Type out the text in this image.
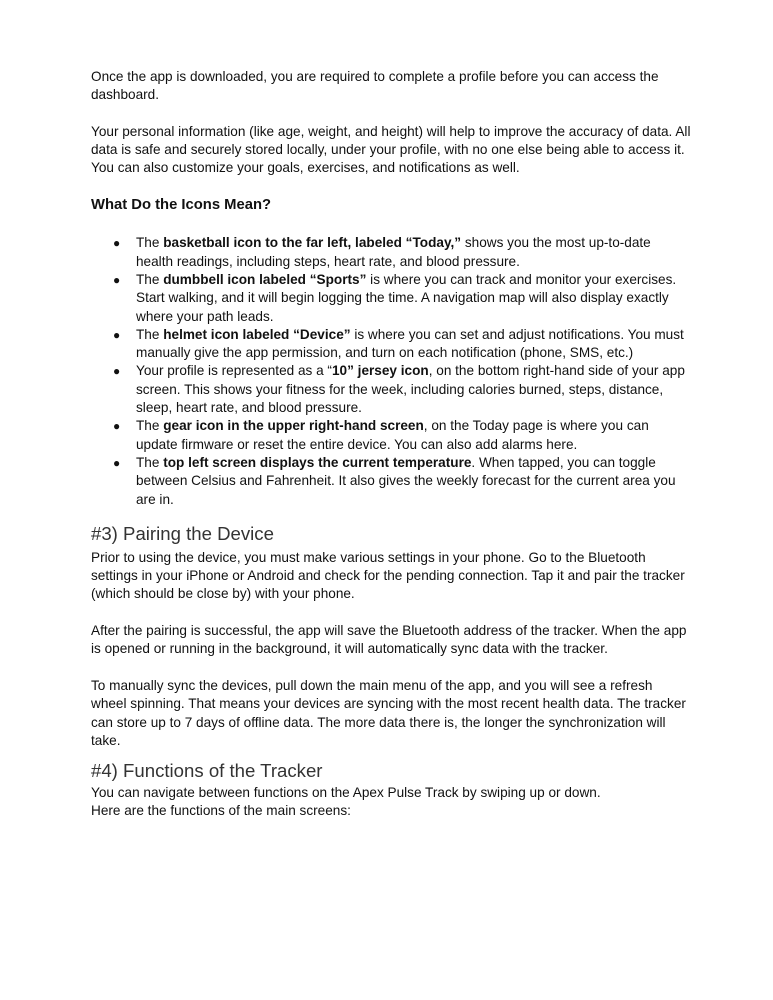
Once the app is downloaded, you are required to complete a profile before you can access the dashboard.

Your personal information (like age, weight, and height) will help to improve the accuracy of data. All data is safe and securely stored locally, under your profile, with no one else being able to access it. You can also customize your goals, exercises, and notifications as well.

What Do the Icons Mean?
● The basketball icon to the far left, labeled “Today,” shows you the most up-to-date health readings, including steps, heart rate, and blood pressure.
● The dumbbell icon labeled “Sports” is where you can track and monitor your exercises. Start walking, and it will begin logging the time. A navigation map will also display exactly where your path leads.
● The helmet icon labeled “Device” is where you can set and adjust notifications. You must manually give the app permission, and turn on each notification (phone, SMS, etc.)
● Your profile is represented as a “10” jersey icon, on the bottom right-hand side of your app screen. This shows your fitness for the week, including calories burned, steps, distance, sleep, heart rate, and blood pressure.
● The gear icon in the upper right-hand screen, on the Today page is where you can update firmware or reset the entire device. You can also add alarms here.
● The top left screen displays the current temperature. When tapped, you can toggle between Celsius and Fahrenheit. It also gives the weekly forecast for the current area you are in.
#3) Pairing the Device

Prior to using the device, you must make various settings in your phone. Go to the Bluetooth settings in your iPhone or Android and check for the pending connection. Tap it and pair the tracker (which should be close by) with your phone.

After the pairing is successful, the app will save the Bluetooth address of the tracker. When the app is opened or running in the background, it will automatically sync data with the tracker.

To manually sync the devices, pull down the main menu of the app, and you will see a refresh wheel spinning. That means your devices are syncing with the most recent health data. The tracker can store up to 7 days of offline data. The more data there is, the longer the synchronization will take.

#4) Functions of the Tracker

You can navigate between functions on the Apex Pulse Track by swiping up or down.

Here are the functions of the main screens:
